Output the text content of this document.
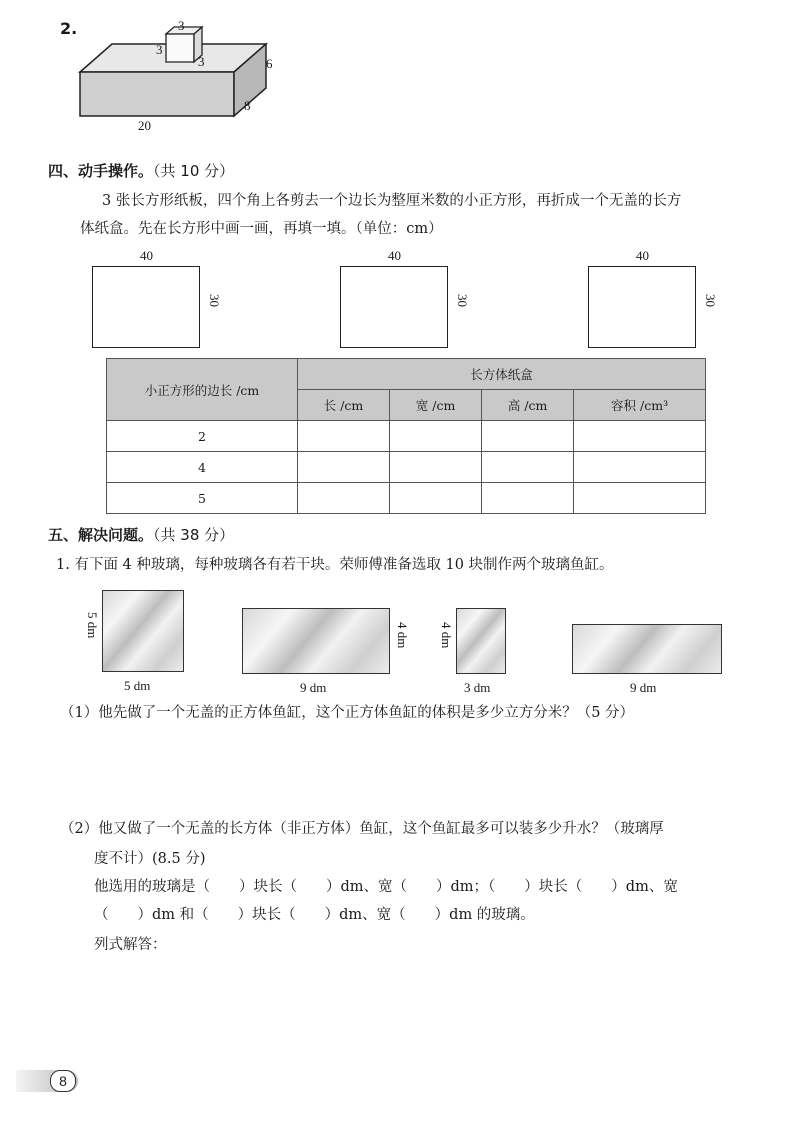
2.	3
3
3	6
8
20
四、动手操作。（共 10 分）
3 张长方形纸板，四个角上各剪去一个边长为整厘米数的小正方形，再折成一个无盖的长方
体纸盒。先在长方形中画一画，再填一填。（单位：cm）
40
30
40
30
40
30
小正方形的边长 /cm	长方体纸盒			
	长 /cm	宽 /cm	高 /cm	容积 /cm³
2				
4				
5				
五、解决问题。（共 38 分）
1. 有下面 4 种玻璃，每种玻璃各有若干块。荣师傅准备选取 10 块制作两个玻璃鱼缸。
5 dm
5 dm
4 dm
9 dm
4 dm
3 dm	9 dm
（1）他先做了一个无盖的正方体鱼缸，这个正方体鱼缸的体积是多少立方分米？（5 分）
（2）他又做了一个无盖的长方体（非正方体）鱼缸，这个鱼缸最多可以装多少升水？（玻璃厚
度不计）(8.5 分)
他选用的玻璃是（　　）块长（　　）dm、宽（　　）dm；（　　）块长（　　）dm、宽
（　　）dm 和（　　）块长（　　）dm、宽（　　）dm 的玻璃。
列式解答：
8
